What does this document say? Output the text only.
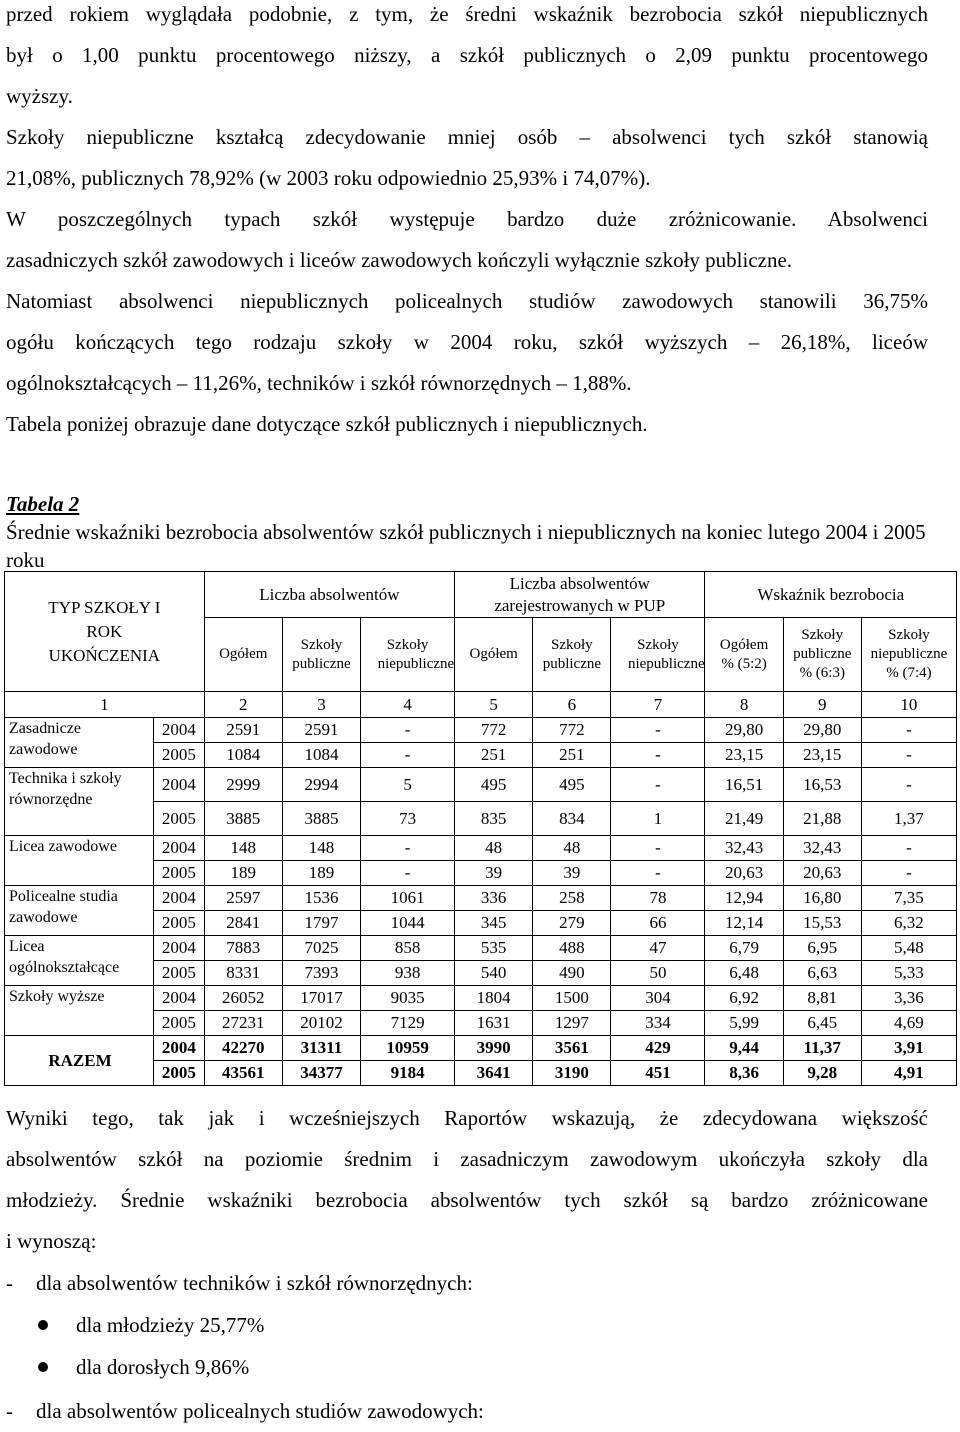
przed rokiem wyglądała podobnie, z tym, że średni wskaźnik bezrobocia szkół niepublicznych
był o 1,00 punktu procentowego niższy, a szkół publicznych o 2,09 punktu procentowego
wyższy.
Szkoły niepubliczne kształcą zdecydowanie mniej osób – absolwenci tych szkół stanowią
21,08%, publicznych 78,92% (w 2003 roku odpowiednio 25,93% i 74,07%).
W poszczególnych typach szkół występuje bardzo duże zróżnicowanie. Absolwenci
zasadniczych szkół zawodowych i liceów zawodowych kończyli wyłącznie szkoły publiczne.
Natomiast absolwenci niepublicznych policealnych studiów zawodowych stanowili 36,75%
ogółu kończących tego rodzaju szkoły w 2004 roku, szkół wyższych – 26,18%, liceów
ogólnokształcących – 11,26%, techników i szkół równorzędnych – 1,88%.
Tabela poniżej obrazuje dane dotyczące szkół publicznych i niepublicznych.
Tabela 2
Średnie wskaźniki bezrobocia absolwentów szkół publicznych i niepublicznych na koniec lutego 2004 i 2005 roku
TYP SZKOŁY I ROK UKOŃCZENIA		Liczba absolwentów			Liczba absolwentów zarejestrowanych w PUP			Wskaźnik bezrobocia		
		Ogółem	Szkoły publiczne	Szkoły niepubliczne	Ogółem	Szkoły publiczne	Szkoły niepubliczne	Ogółem % (5:2)	Szkoły publiczne % (6:3)	Szkoły niepubliczne % (7:4)
1		2	3	4	5	6	7	8	9	10
Zasadnicze zawodowe	2004	2591	2591	-	772	772	-	29,80	29,80	-
	2005	1084	1084	-	251	251	-	23,15	23,15	-
Technika i szkoły równorzędne	2004	2999	2994	5	495	495	-	16,51	16,53	-
	2005	3885	3885	73	835	834	1	21,49	21,88	1,37
Licea zawodowe	2004	148	148	-	48	48	-	32,43	32,43	-
	2005	189	189	-	39	39	-	20,63	20,63	-
Policealne studia zawodowe	2004	2597	1536	1061	336	258	78	12,94	16,80	7,35
	2005	2841	1797	1044	345	279	66	12,14	15,53	6,32
Licea ogólnokształcące	2004	7883	7025	858	535	488	47	6,79	6,95	5,48
	2005	8331	7393	938	540	490	50	6,48	6,63	5,33
Szkoły wyższe	2004	26052	17017	9035	1804	1500	304	6,92	8,81	3,36
	2005	27231	20102	7129	1631	1297	334	5,99	6,45	4,69
RAZEM	2004	42270	31311	10959	3990	3561	429	9,44	11,37	3,91
	2005	43561	34377	9184	3641	3190	451	8,36	9,28	4,91
Wyniki tego, tak jak i wcześniejszych Raportów wskazują, że zdecydowana większość
absolwentów szkół na poziomie średnim i zasadniczym zawodowym ukończyła szkoły dla
młodzieży. Średnie wskaźniki bezrobocia absolwentów tych szkół są bardzo zróżnicowane
i wynoszą:
- dla absolwentów techników i szkół równorzędnych:
dla młodzieży 25,77%
dla dorosłych 9,86%
- dla absolwentów policealnych studiów zawodowych:
